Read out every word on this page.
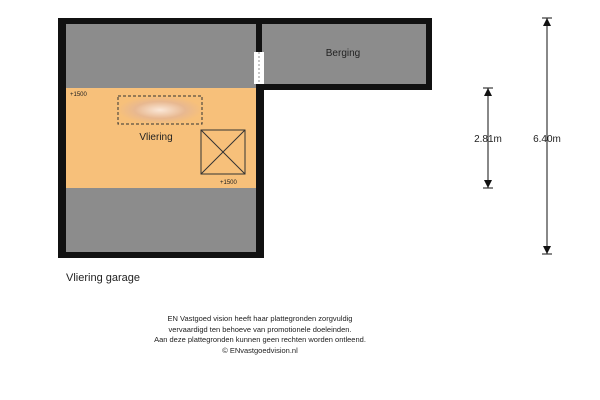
Berging
Vliering
+1500
+1500
2.81m	6.40m
Vliering garage
EN Vastgoed vision heeft haar plattegronden zorgvuldig
vervaardigd ten behoeve van promotionele doeleinden.
Aan deze plattegronden kunnen geen rechten worden ontleend.
© ENvastgoedvision.nl
